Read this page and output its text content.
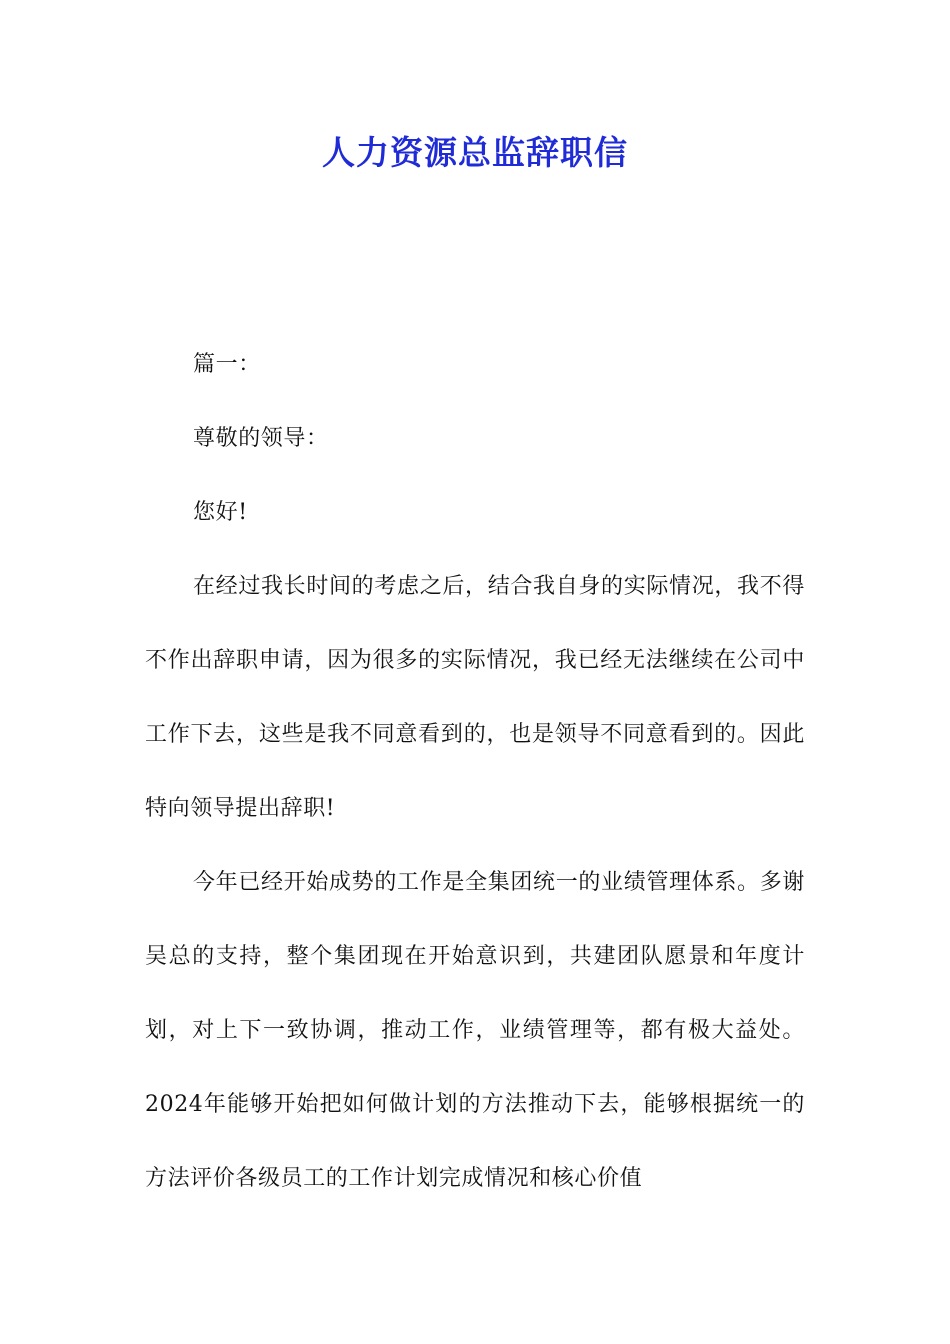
人力资源总监辞职信

篇一：

尊敬的领导：

您好!

在经过我长时间的考虑之后，结合我自身的实际情况，我不得不作出辞职申请，因为很多的实际情况，我已经无法继续在公司中工作下去，这些是我不同意看到的，也是领导不同意看到的。因此特向领导提出辞职!

今年已经开始成势的工作是全集团统一的业绩管理体系。多谢吴总的支持，整个集团现在开始意识到，共建团队愿景和年度计划，对上下一致协调，推动工作，业绩管理等，都有极大益处。2024年能够开始把如何做计划的方法推动下去，能够根据统一的方法评价各级员工的工作计划完成情况和核心价值
